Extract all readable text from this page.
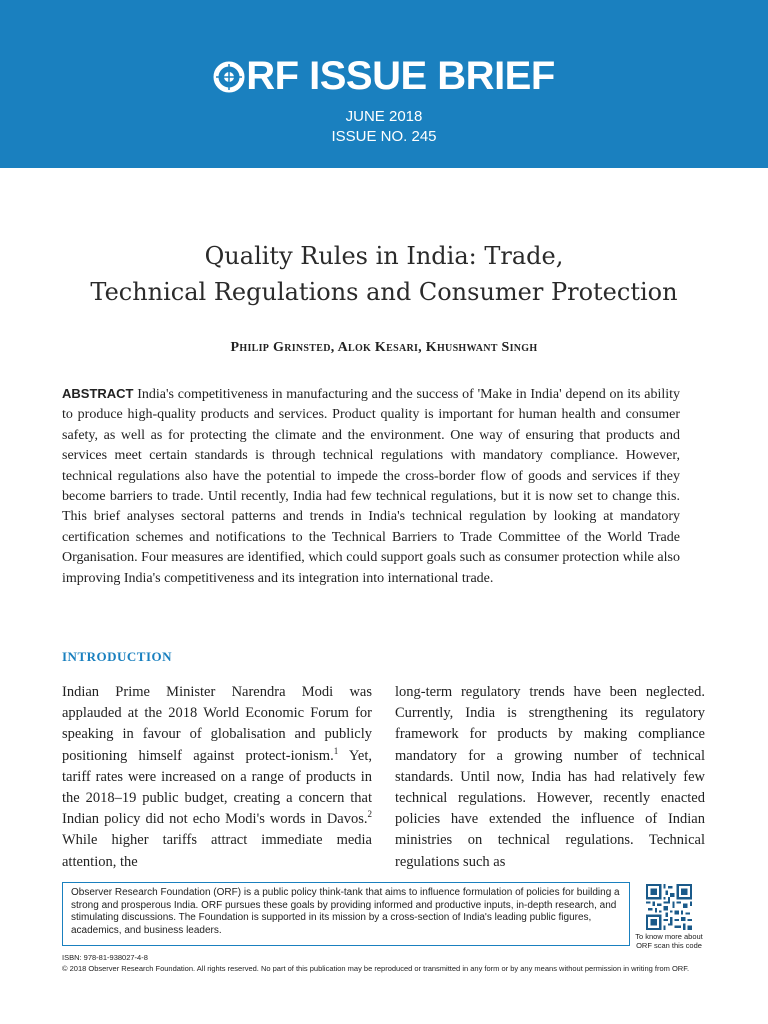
RF ISSUE BRIEF
JUNE 2018
ISSUE NO. 245
Quality Rules in India: Trade,
Technical Regulations and Consumer Protection
Philip Grinsted, Alok Kesari, Khushwant Singh
ABSTRACT India's competitiveness in manufacturing and the success of 'Make in India' depend on its ability to produce high-quality products and services. Product quality is important for human health and consumer safety, as well as for protecting the climate and the environment. One way of ensuring that products and services meet certain standards is through technical regulations with mandatory compliance. However, technical regulations also have the potential to impede the cross-border flow of goods and services if they become barriers to trade. Until recently, India had few technical regulations, but it is now set to change this. This brief analyses sectoral patterns and trends in India's technical regulation by looking at mandatory certification schemes and notifications to the Technical Barriers to Trade Committee of the World Trade Organisation. Four measures are identified, which could support goals such as consumer protection while also improving India's competitiveness and its integration into international trade.
INTRODUCTION
Indian Prime Minister Narendra Modi was applauded at the 2018 World Economic Forum for speaking in favour of globalisation and publicly positioning himself against protect-ionism.$^1$ Yet, tariff rates were increased on a range of products in the 2018–19 public budget, creating a concern that Indian policy did not echo Modi's words in Davos.$^2$ While higher tariffs attract immediate media attention, the
long-term regulatory trends have been neglected. Currently, India is strengthening its regulatory framework for products by making compliance mandatory for a growing number of technical standards. Until now, India has had relatively few technical regulations. However, recently enacted policies have extended the influence of Indian ministries on technical regulations. Technical regulations such as
Observer Research Foundation (ORF) is a public policy think-tank that aims to influence formulation of policies for building a strong and prosperous India. ORF pursues these goals by providing informed and productive inputs, in-depth research, and stimulating discussions. The Foundation is supported in its mission by a cross-section of India's leading public figures, academics, and business leaders.
To know more about ORF scan this code
ISBN: 978-81-938027-4-8
© 2018 Observer Research Foundation. All rights reserved. No part of this publication may be reproduced or transmitted in any form or by any means without permission in writing from ORF.
